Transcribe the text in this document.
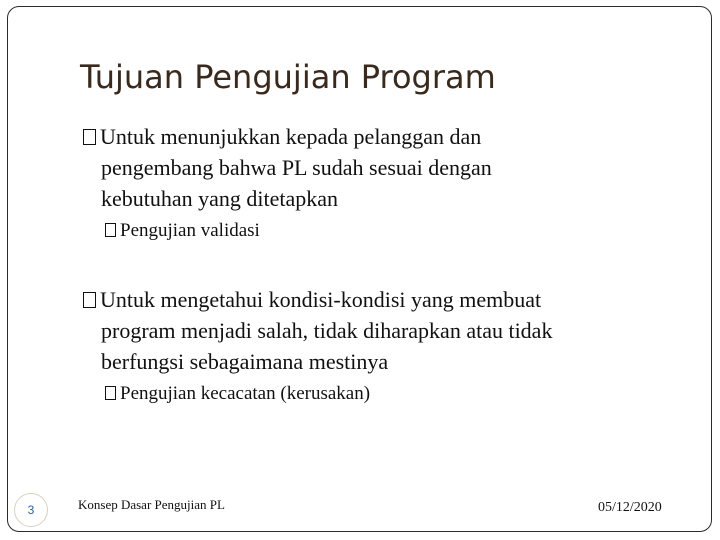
Tujuan Pengujian Program
Untuk menunjukkan kepada pelanggan dan
pengembang bahwa PL sudah sesuai dengan
kebutuhan yang ditetapkan
Pengujian validasi
Untuk mengetahui kondisi-kondisi yang membuat
program menjadi salah, tidak diharapkan atau tidak
berfungsi sebagaimana mestinya
Pengujian kecacatan (kerusakan)
3	Konsep Dasar Pengujian PL	05/12/2020
